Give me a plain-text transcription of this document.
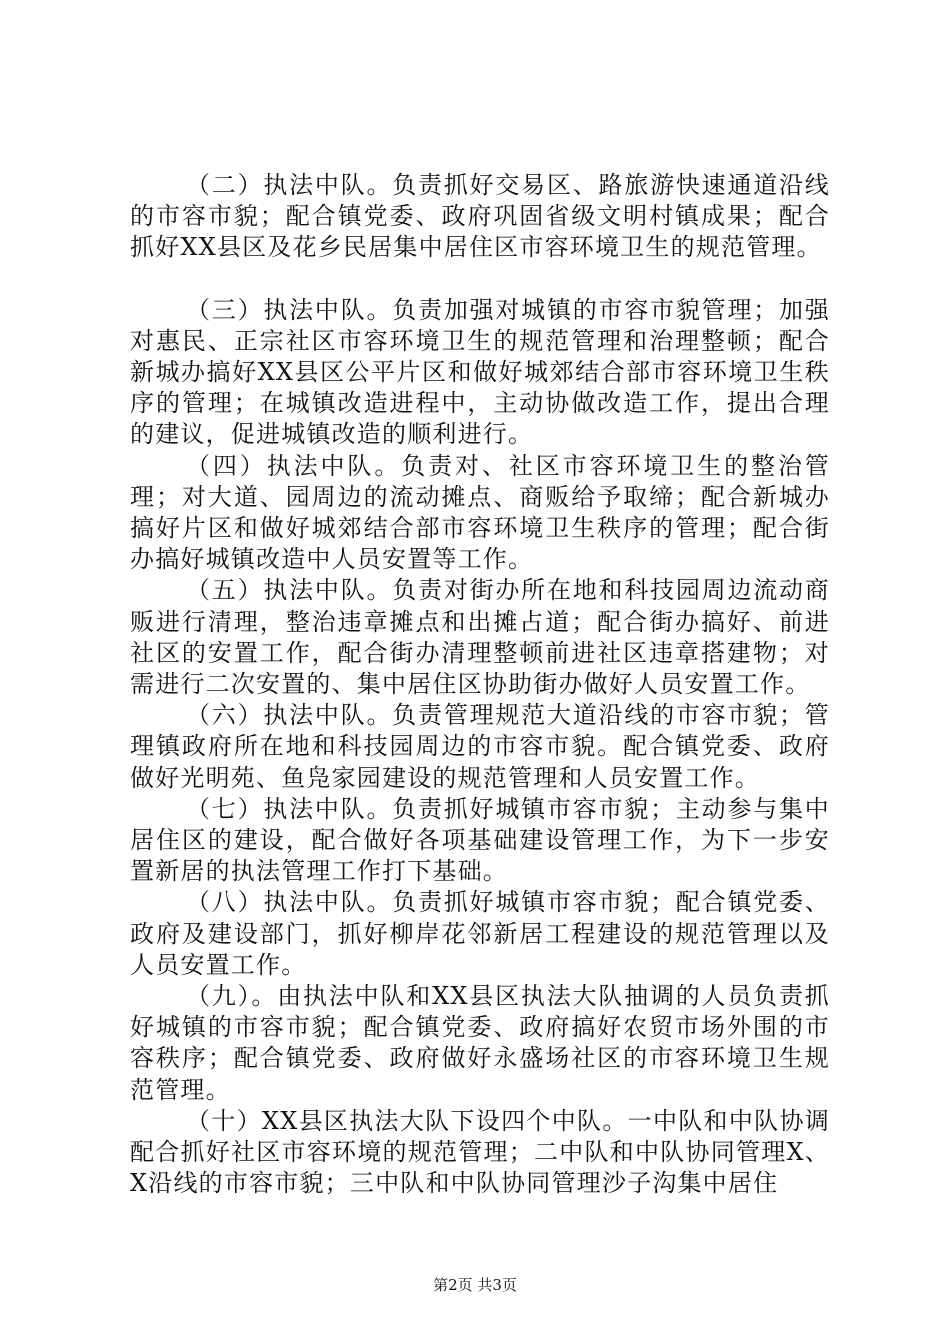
（二）执法中队。负责抓好交易区、路旅游快速通道沿线的市容市貌；配合镇党委、政府巩固省级文明村镇成果；配合抓好XX县区及花乡民居集中居住区市容环境卫生的规范管理。

（三）执法中队。负责加强对城镇的市容市貌管理；加强对惠民、正宗社区市容环境卫生的规范管理和治理整顿；配合新城办搞好XX县区公平片区和做好城郊结合部市容环境卫生秩序的管理；在城镇改造进程中，主动协做改造工作，提出合理的建议，促进城镇改造的顺利进行。

（四）执法中队。负责对、社区市容环境卫生的整治管理；对大道、园周边的流动摊点、商贩给予取缔；配合新城办搞好片区和做好城郊结合部市容环境卫生秩序的管理；配合街办搞好城镇改造中人员安置等工作。

（五）执法中队。负责对街办所在地和科技园周边流动商贩进行清理，整治违章摊点和出摊占道；配合街办搞好、前进社区的安置工作，配合街办清理整顿前进社区违章搭建物；对需进行二次安置的、集中居住区协助街办做好人员安置工作。

（六）执法中队。负责管理规范大道沿线的市容市貌；管理镇政府所在地和科技园周边的市容市貌。配合镇党委、政府做好光明苑、鱼凫家园建设的规范管理和人员安置工作。

（七）执法中队。负责抓好城镇市容市貌；主动参与集中居住区的建设，配合做好各项基础建设管理工作，为下一步安置新居的执法管理工作打下基础。

（八）执法中队。负责抓好城镇市容市貌；配合镇党委、政府及建设部门，抓好柳岸花邻新居工程建设的规范管理以及人员安置工作。

（九）。由执法中队和XX县区执法大队抽调的人员负责抓好城镇的市容市貌；配合镇党委、政府搞好农贸市场外围的市容秩序；配合镇党委、政府做好永盛场社区的市容环境卫生规范管理。

（十）XX县区执法大队下设四个中队。一中队和中队协调配合抓好社区市容环境的规范管理；二中队和中队协同管理X、X沿线的市容市貌；三中队和中队协同管理沙子沟集中居住

第2页 共3页
